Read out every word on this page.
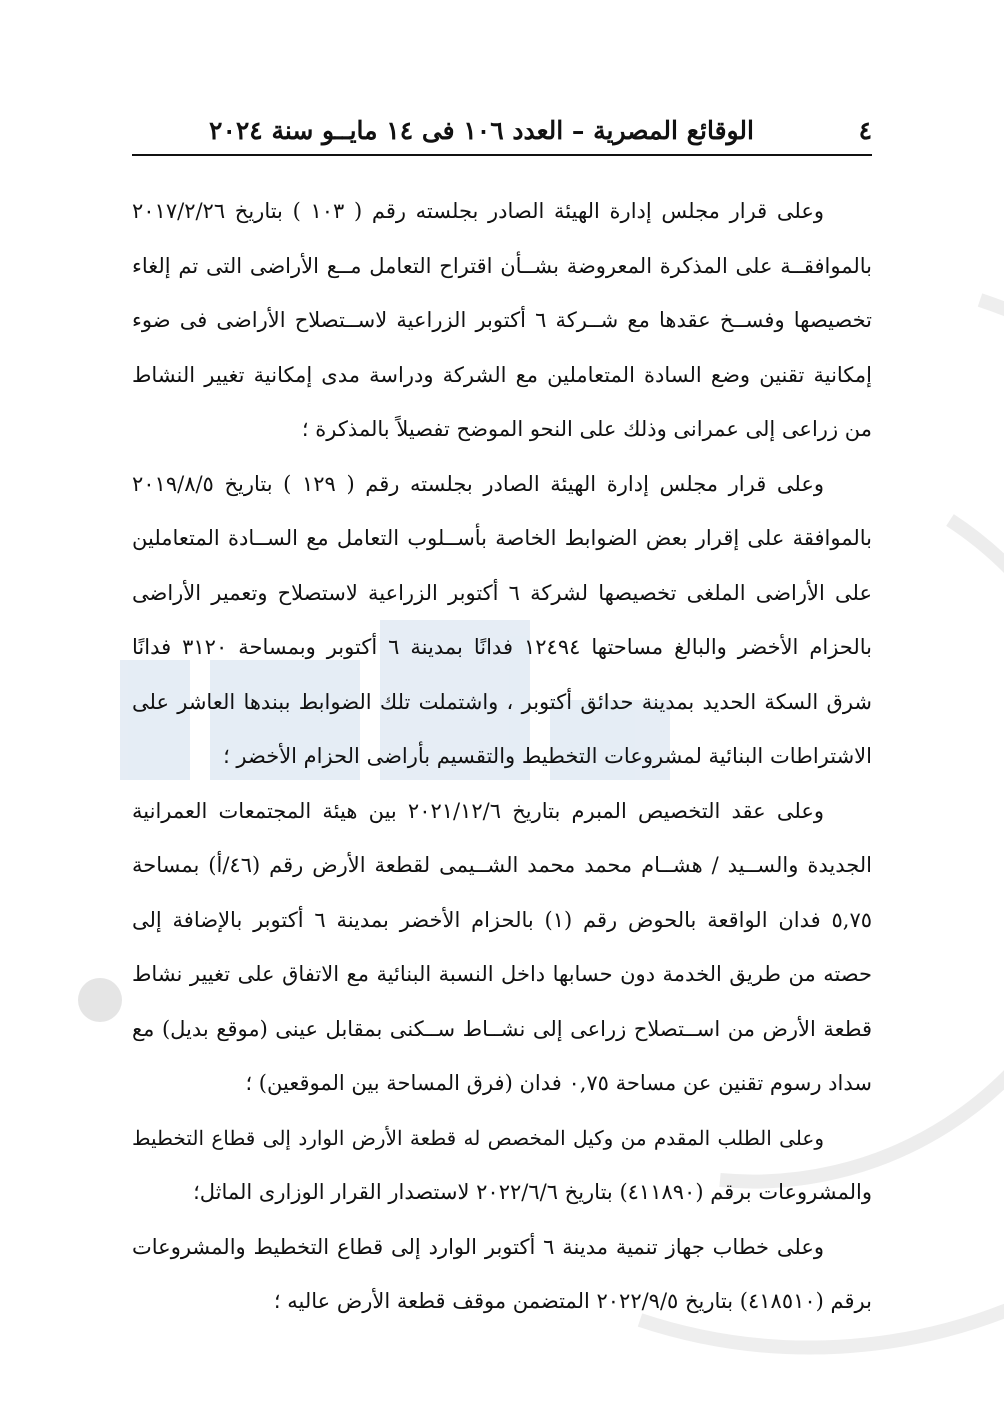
٤
الوقائع المصرية – العدد ١٠٦ فى ١٤ مايــو سنة ٢٠٢٤
وعلى قرار مجلس إدارة الهيئة الصادر بجلسته رقم ( ١٠٣ ) بتاريخ ٢٠١٧/٢/٢٦
بالموافقــة على المذكرة المعروضة بشــأن اقتراح التعامل مــع الأراضى التى تم إلغاء
تخصيصها وفســخ عقدها مع شــركة ٦ أكتوبر الزراعية لاســتصلاح الأراضى فى ضوء
إمكانية تقنين وضع السادة المتعاملين مع الشركة ودراسة مدى إمكانية تغيير النشاط
من زراعى إلى عمرانى وذلك على النحو الموضح تفصيلاً بالمذكرة ؛
وعلى قرار مجلس إدارة الهيئة الصادر بجلسته رقم ( ١٢٩ ) بتاريخ ٢٠١٩/٨/٥
بالموافقة على إقرار بعض الضوابط الخاصة بأســلوب التعامل مع الســادة المتعاملين
على الأراضى الملغى تخصيصها لشركة ٦ أكتوبر الزراعية لاستصلاح وتعمير الأراضى
بالحزام الأخضر والبالغ مساحتها ١٢٤٩٤ فدانًا بمدينة ٦ أكتوبر وبمساحة ٣١٢٠ فدانًا
شرق السكة الحديد بمدينة حدائق أكتوبر ، واشتملت تلك الضوابط ببندها العاشر على
الاشتراطات البنائية لمشروعات التخطيط والتقسيم بأراضى الحزام الأخضر ؛
وعلى عقد التخصيص المبرم بتاريخ ٢٠٢١/١٢/٦ بين هيئة المجتمعات العمرانية
الجديدة والســيد / هشــام محمد محمد الشــيمى لقطعة الأرض رقم (٤٦/أ) بمساحة
٥,٧٥ فدان الواقعة بالحوض رقم (١) بالحزام الأخضر بمدينة ٦ أكتوبر بالإضافة إلى
حصته من طريق الخدمة دون حسابها داخل النسبة البنائية مع الاتفاق على تغيير نشاط
قطعة الأرض من اســتصلاح زراعى إلى نشــاط ســكنى بمقابل عينى (موقع بديل) مع
سداد رسوم تقنين عن مساحة ٠,٧٥ فدان (فرق المساحة بين الموقعين) ؛
وعلى الطلب المقدم من وكيل المخصص له قطعة الأرض الوارد إلى قطاع التخطيط
والمشروعات برقم (٤١١٨٩٠) بتاريخ ٢٠٢٢/٦/٦ لاستصدار القرار الوزارى الماثل؛
وعلى خطاب جهاز تنمية مدينة ٦ أكتوبر الوارد إلى قطاع التخطيط والمشروعات
برقم (٤١٨٥١٠) بتاريخ ٢٠٢٢/٩/٥ المتضمن موقف قطعة الأرض عاليه ؛
